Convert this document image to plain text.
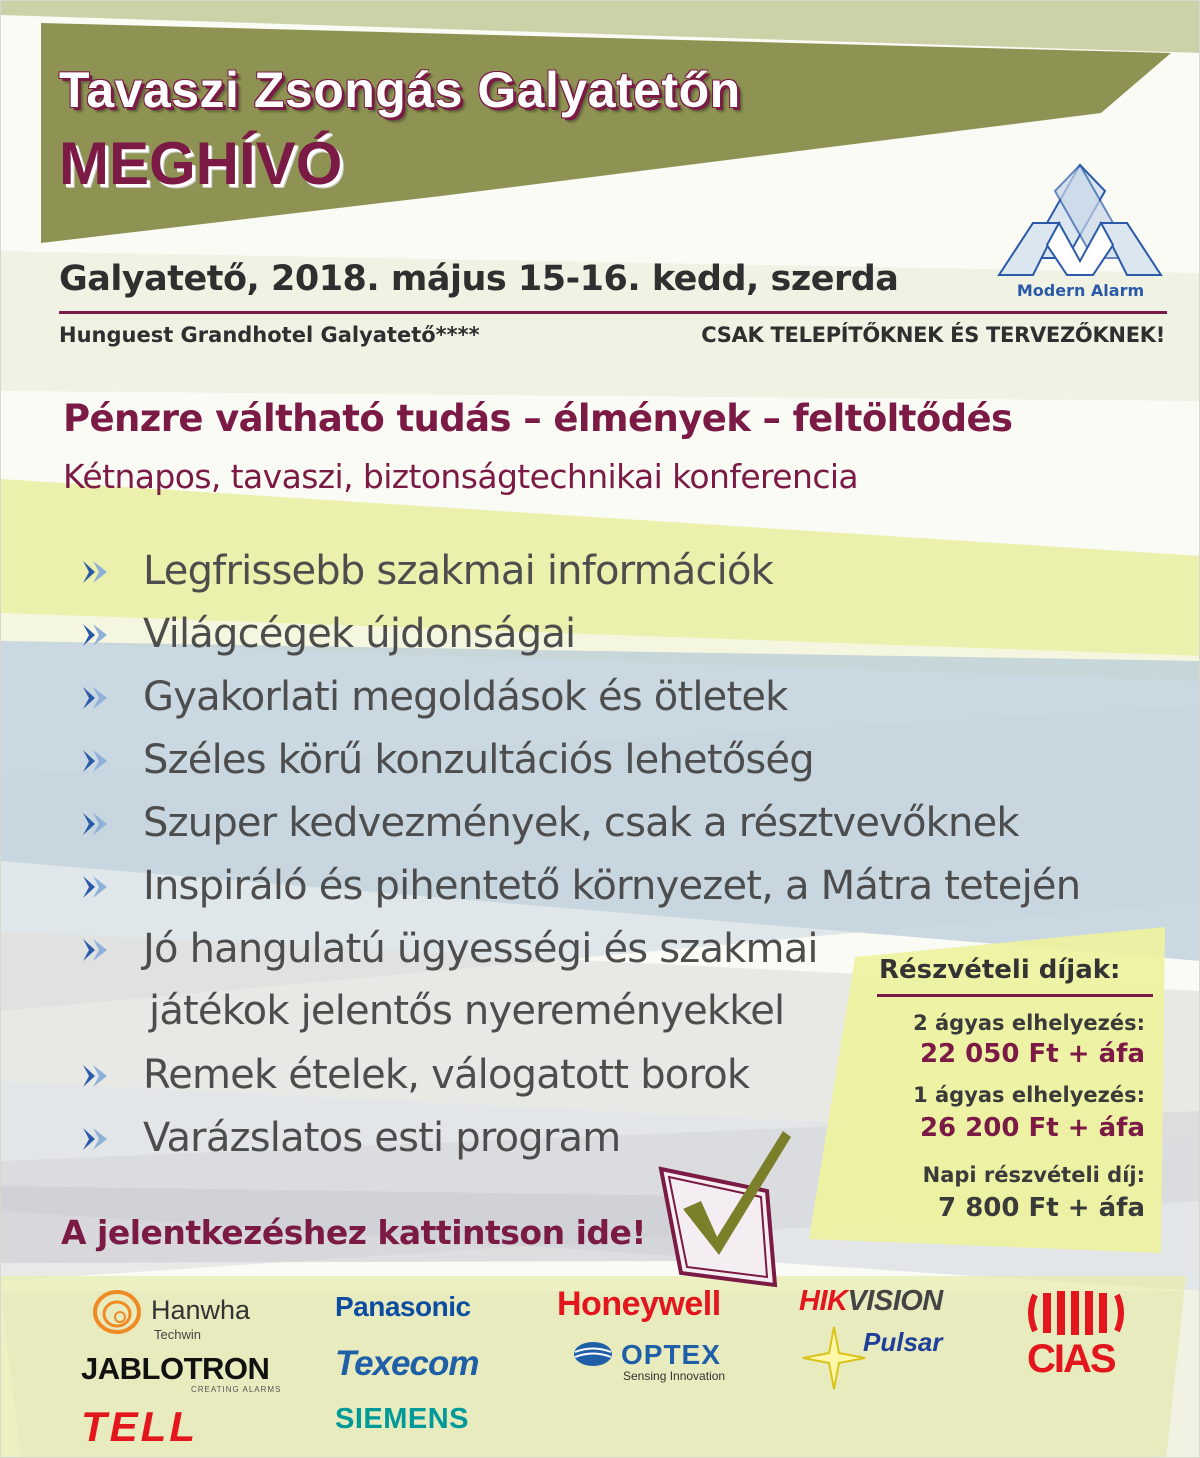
Tavaszi Zsongás Galyatetőn
MEGHÍVÓ
Modern Alarm
Galyatető, 2018. május 15-16. kedd, szerda
Hunguest Grandhotel Galyatető****	CSAK TELEPÍTŐKNEK ÉS TERVEZŐKNEK!
Pénzre váltható tudás – élmények – feltöltődés
Kétnapos, tavaszi, biztonságtechnikai konferencia
Legfrissebb szakmai információk
Világcégek újdonságai
Gyakorlati megoldások és ötletek
Széles körű konzultációs lehetőség
Szuper kedvezmények, csak a résztvevőknek
Inspiráló és pihentető környezet, a Mátra tetején
Jó hangulatú ügyességi és szakmai
játékok jelentős nyereményekkel
Remek ételek, válogatott borok
Varázslatos esti program
Részvételi díjak:
2 ágyas elhelyezés:
22 050 Ft + áfa
1 ágyas elhelyezés:
26 200 Ft + áfa
Napi részvételi díj:
7 800 Ft + áfa
A jelentkezéshez kattintson ide!
Hanwha
Techwin
JABLOTRON
CREATING ALARMS
TELL
Panasonic
Texecom
SIEMENS
Honeywell
OPTEX
Sensing Innovation
HIKVISION
Pulsar CIAS
